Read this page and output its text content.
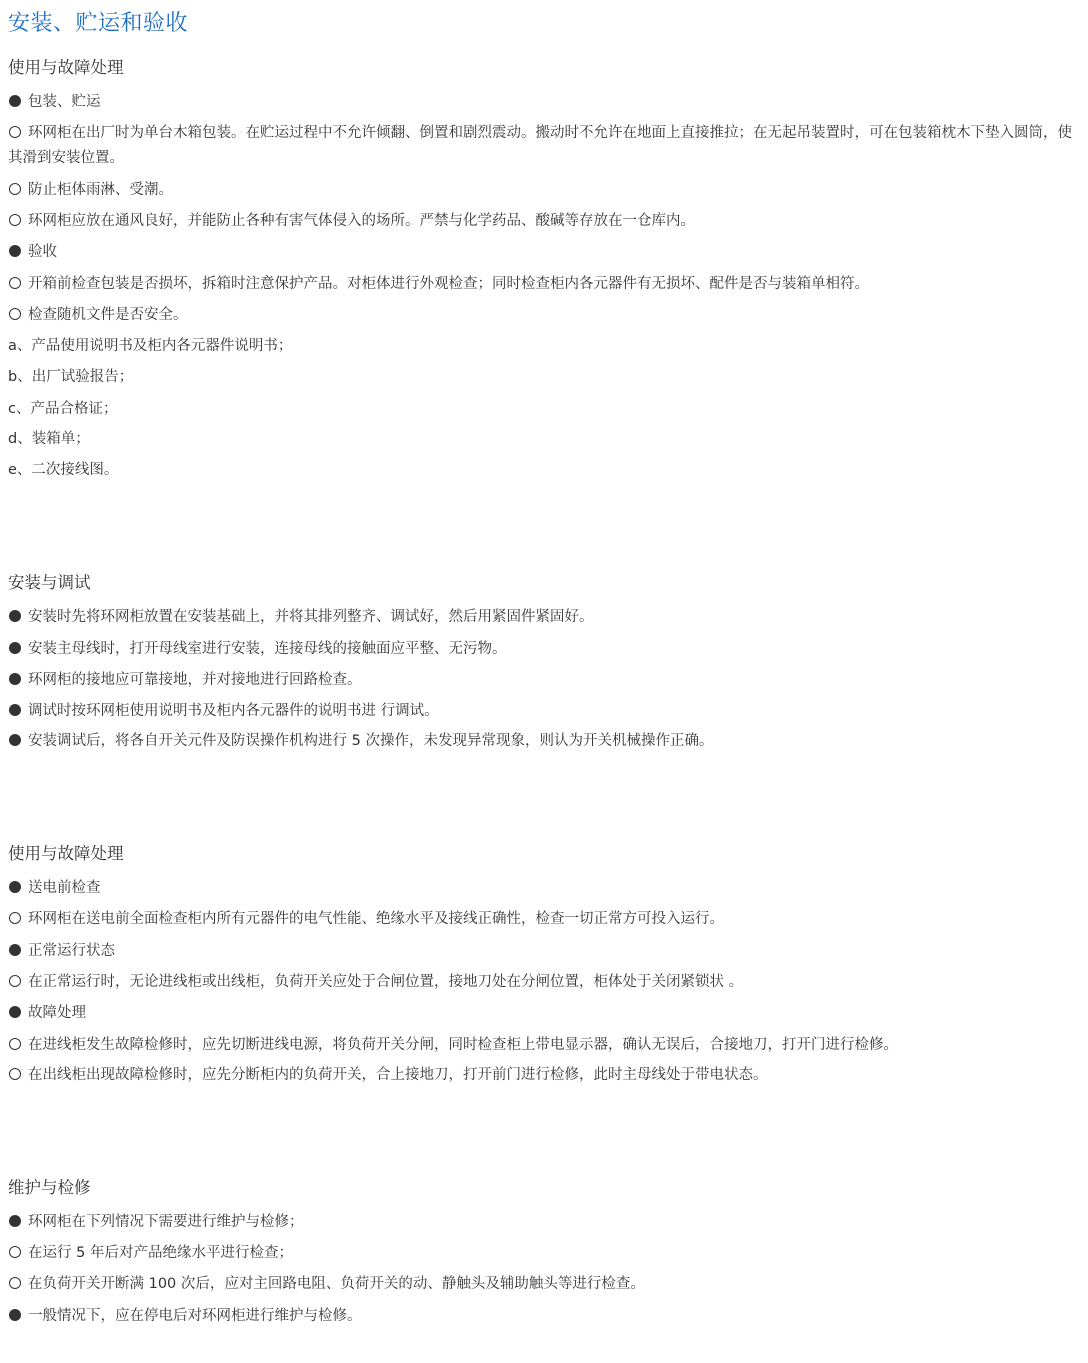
安装、贮运和验收
使用与故障处理
包装、贮运
环网柜在出厂时为单台木箱包装。在贮运过程中不允许倾翻、倒置和剧烈震动。搬动时不允许在地面上直接推拉；在无起吊装置时，可在包装箱枕木下垫入圆筒，使其滑到安装位置。
防止柜体雨淋、受潮。
环网柜应放在通风良好，并能防止各种有害气体侵入的场所。严禁与化学药品、酸碱等存放在一仓库内。
验收
开箱前检查包装是否损坏，拆箱时注意保护产品。对柜体进行外观检查；同时检查柜内各元器件有无损坏、配件是否与装箱单相符。
检查随机文件是否安全。
a、产品使用说明书及柜内各元器件说明书；
b、出厂试验报告；
c、产品合格证；
d、装箱单；
e、二次接线图。
安装与调试
安装时先将环网柜放置在安装基础上，并将其排列整齐、调试好，然后用紧固件紧固好。
安装主母线时，打开母线室进行安装，连接母线的接触面应平整、无污物。
环网柜的接地应可靠接地，并对接地进行回路检查。
调试时按环网柜使用说明书及柜内各元器件的说明书进 行调试。
安装调试后，将各自开关元件及防误操作机构进行 5 次操作，未发现异常现象，则认为开关机械操作正确。
使用与故障处理
送电前检查
环网柜在送电前全面检查柜内所有元器件的电气性能、绝缘水平及接线正确性，检查一切正常方可投入运行。
正常运行状态
在正常运行时，无论进线柜或出线柜，负荷开关应处于合闸位置，接地刀处在分闸位置，柜体处于关闭紧锁状 。
故障处理
在进线柜发生故障检修时，应先切断进线电源，将负荷开关分闸，同时检查柜上带电显示器，确认无误后，合接地刀，打开门进行检修。
在出线柜出现故障检修时，应先分断柜内的负荷开关，合上接地刀，打开前门进行检修，此时主母线处于带电状态。
维护与检修
环网柜在下列情况下需要进行维护与检修；
在运行 5 年后对产品绝缘水平进行检查；
在负荷开关开断满 100 次后，应对主回路电阻、负荷开关的动、静触头及辅助触头等进行检查。
一般情况下，应在停电后对环网柜进行维护与检修。
